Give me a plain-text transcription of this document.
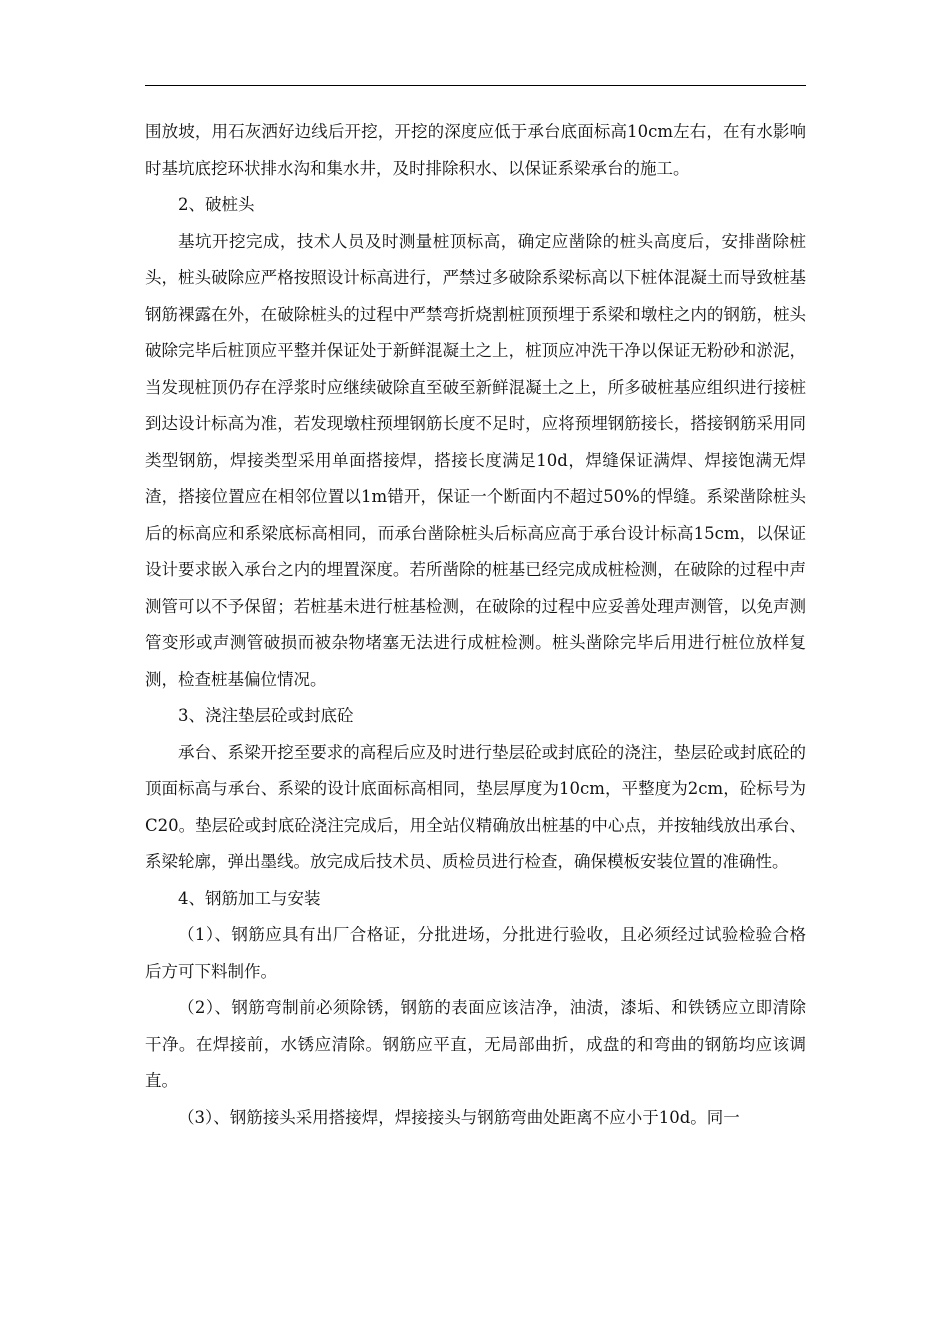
围放坡，用石灰洒好边线后开挖，开挖的深度应低于承台底面标高10cm左右，在有水影响时基坑底挖环状排水沟和集水井，及时排除积水、以保证系梁承台的施工。

2、破桩头

基坑开挖完成，技术人员及时测量桩顶标高，确定应凿除的桩头高度后，安排凿除桩头，桩头破除应严格按照设计标高进行，严禁过多破除系梁标高以下桩体混凝土而导致桩基钢筋裸露在外，在破除桩头的过程中严禁弯折烧割桩顶预埋于系梁和墩柱之内的钢筋，桩头破除完毕后桩顶应平整并保证处于新鲜混凝土之上，桩顶应冲洗干净以保证无粉砂和淤泥，当发现桩顶仍存在浮浆时应继续破除直至破至新鲜混凝土之上，所多破桩基应组织进行接桩到达设计标高为准，若发现墩柱预埋钢筋长度不足时，应将预埋钢筋接长，搭接钢筋采用同类型钢筋，焊接类型采用单面搭接焊，搭接长度满足10d，焊缝保证满焊、焊接饱满无焊渣，搭接位置应在相邻位置以1m错开，保证一个断面内不超过50%的悍缝。系梁凿除桩头后的标高应和系梁底标高相同，而承台凿除桩头后标高应高于承台设计标高15cm，以保证设计要求嵌入承台之内的埋置深度。若所凿除的桩基已经完成成桩检测，在破除的过程中声测管可以不予保留；若桩基未进行桩基检测，在破除的过程中应妥善处理声测管，以免声测管变形或声测管破损而被杂物堵塞无法进行成桩检测。桩头凿除完毕后用进行桩位放样复测，检查桩基偏位情况。

3、浇注垫层砼或封底砼

承台、系梁开挖至要求的高程后应及时进行垫层砼或封底砼的浇注，垫层砼或封底砼的顶面标高与承台、系梁的设计底面标高相同，垫层厚度为10cm，平整度为2cm，砼标号为C20。垫层砼或封底砼浇注完成后，用全站仪精确放出桩基的中心点，并按轴线放出承台、系梁轮廓，弹出墨线。放完成后技术员、质检员进行检查，确保模板安装位置的准确性。

4、钢筋加工与安装

（1）、钢筋应具有出厂合格证，分批进场，分批进行验收，且必须经过试验检验合格后方可下料制作。

（2）、钢筋弯制前必须除锈，钢筋的表面应该洁净，油渍，漆垢、和铁锈应立即清除干净。在焊接前，水锈应清除。钢筋应平直，无局部曲折，成盘的和弯曲的钢筋均应该调直。

（3）、钢筋接头采用搭接焊，焊接接头与钢筋弯曲处距离不应小于10d。同一
